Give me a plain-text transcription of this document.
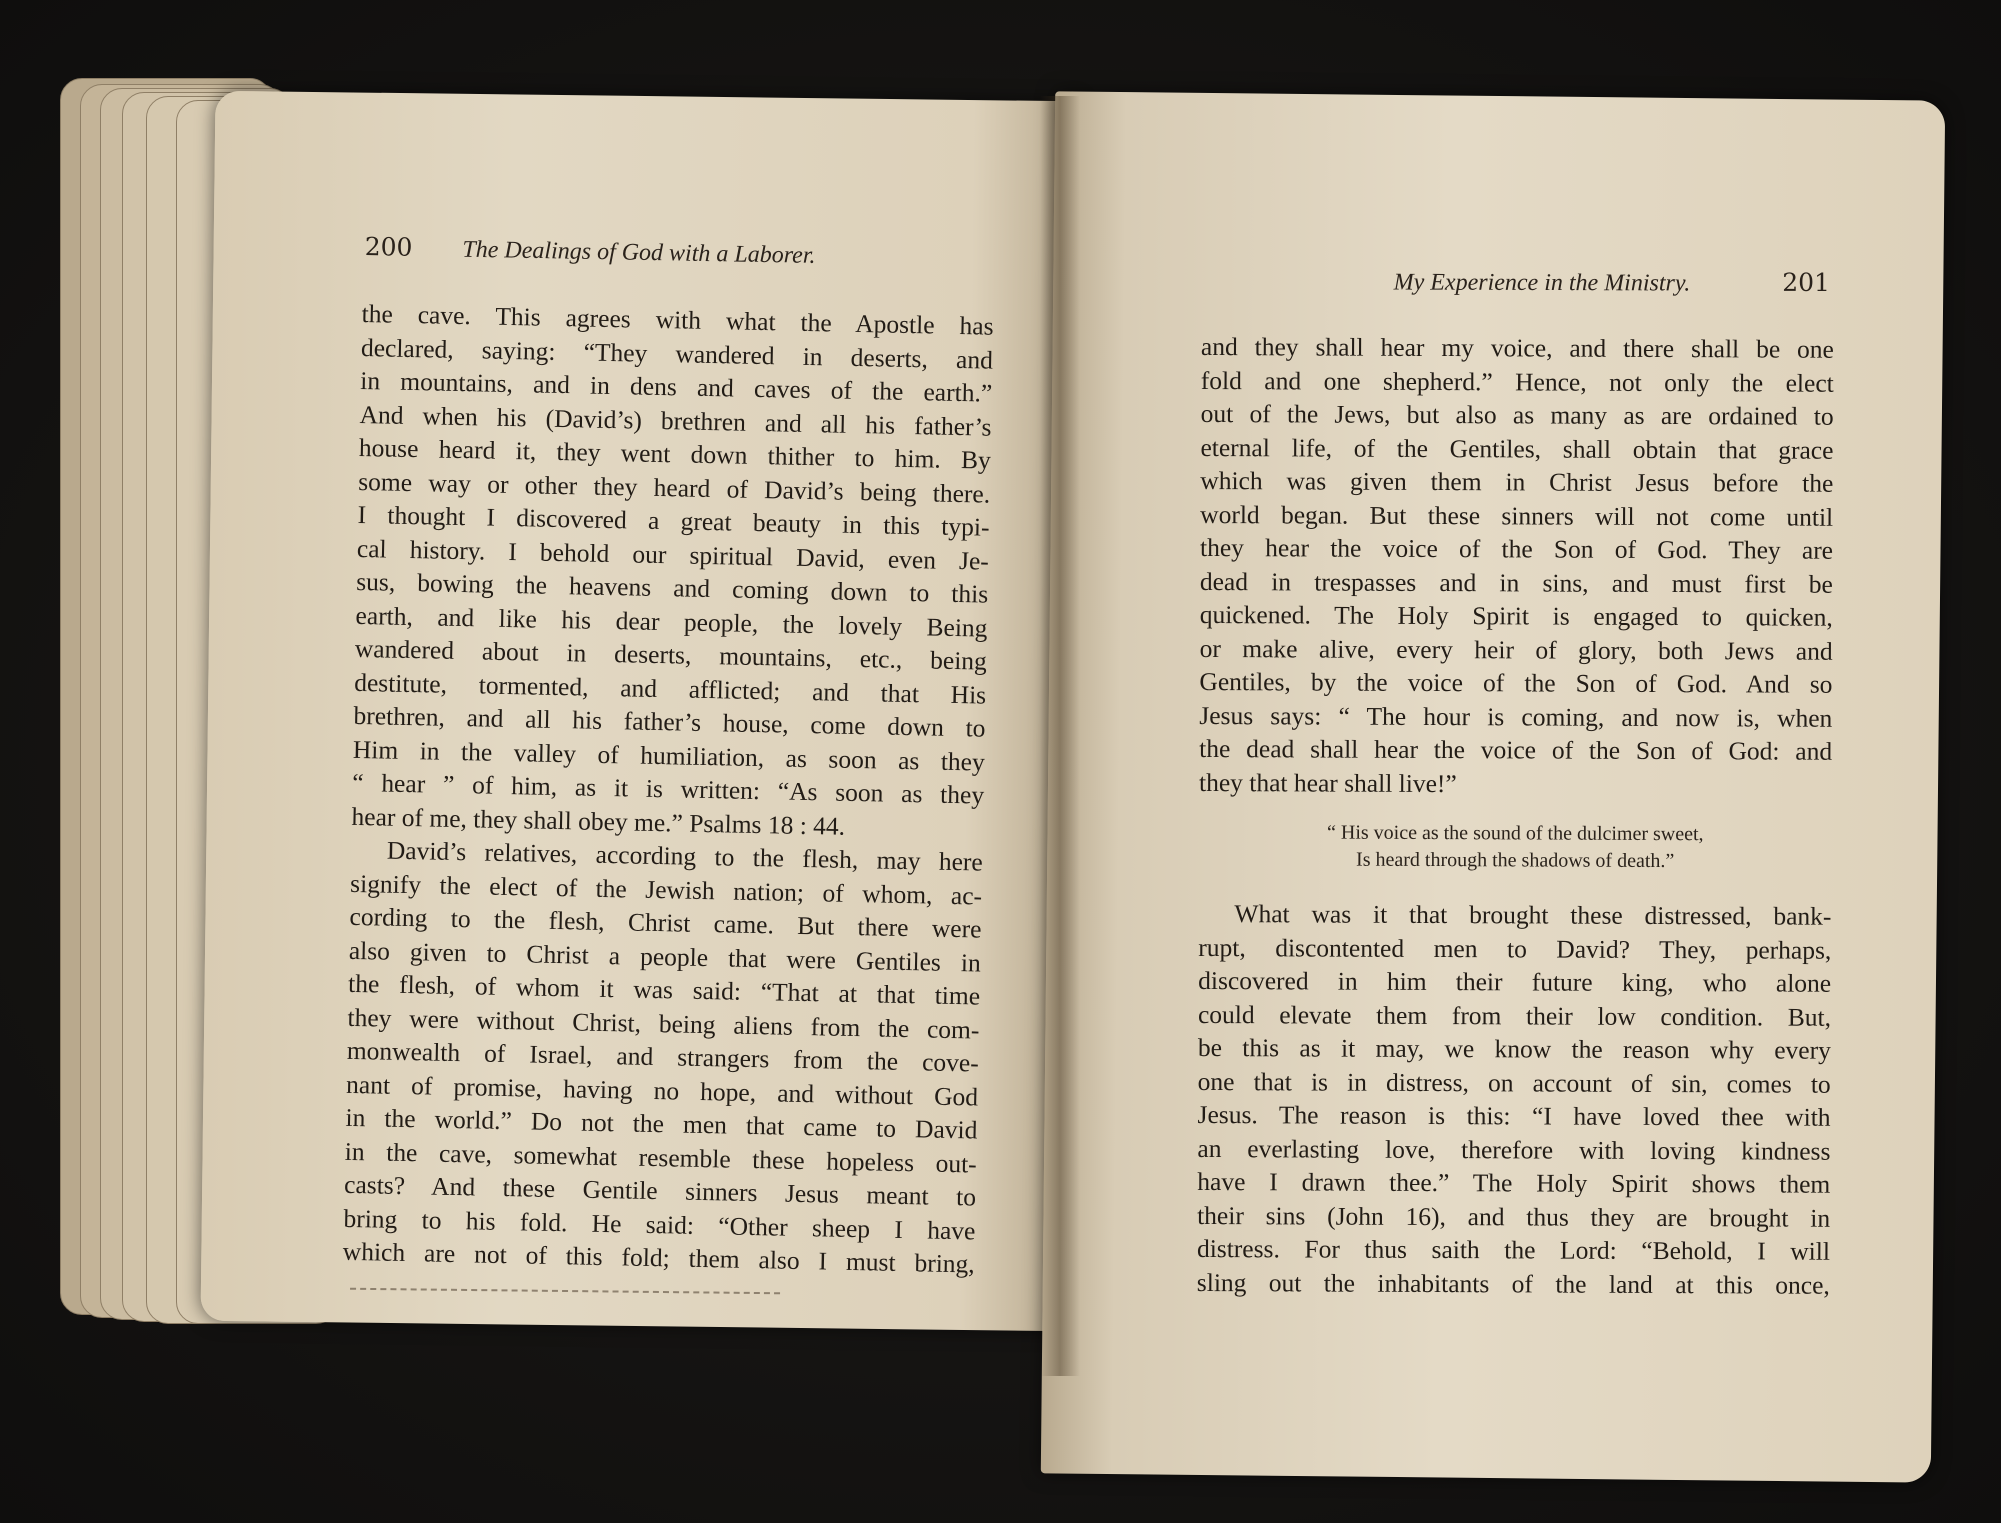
200 The Dealings of God with a Laborer.
My Experience in the Ministry.	201

the cave. This agrees with what the Apostle has

declared, saying: “They wandered in deserts, and

in mountains, and in dens and caves of the earth.”

And when his (David’s) brethren and all his father’s

house heard it, they went down thither to him. By

some way or other they heard of David’s being there.

I thought I discovered a great beauty in this typi-

cal history. I behold our spiritual David, even Je-

sus, bowing the heavens and coming down to this

earth, and like his dear people, the lovely Being

wandered about in deserts, mountains, etc., being

destitute, tormented, and afflicted; and that His

brethren, and all his father’s house, come down to

Him in the valley of humiliation, as soon as they

“ hear ” of him, as it is written: “As soon as they

hear of me, they shall obey me.” Psalms 18 : 44.

David’s relatives, according to the flesh, may here

signify the elect of the Jewish nation; of whom, ac-

cording to the flesh, Christ came. But there were

also given to Christ a people that were Gentiles in

the flesh, of whom it was said: “That at that time

they were without Christ, being aliens from the com-

monwealth of Israel, and strangers from the cove-

nant of promise, having no hope, and without God

in the world.” Do not the men that came to David

in the cave, somewhat resemble these hopeless out-

casts? And these Gentile sinners Jesus meant to

bring to his fold. He said: “Other sheep I have

which are not of this fold; them also I must bring,

and they shall hear my voice, and there shall be one

fold and one shepherd.” Hence, not only the elect

out of the Jews, but also as many as are ordained to

eternal life, of the Gentiles, shall obtain that grace

which was given them in Christ Jesus before the

world began. But these sinners will not come until

they hear the voice of the Son of God. They are

dead in trespasses and in sins, and must first be

quickened. The Holy Spirit is engaged to quicken,

or make alive, every heir of glory, both Jews and

Gentiles, by the voice of the Son of God. And so

Jesus says: “ The hour is coming, and now is, when

the dead shall hear the voice of the Son of God: and

they that hear shall live!”

“ His voice as the sound of the dulcimer sweet,
Is heard through the shadows of death.”

What was it that brought these distressed, bank-

rupt, discontented men to David? They, perhaps,

discovered in him their future king, who alone

could elevate them from their low condition. But,

be this as it may, we know the reason why every

one that is in distress, on account of sin, comes to

Jesus. The reason is this: “I have loved thee with

an everlasting love, therefore with loving kindness

have I drawn thee.” The Holy Spirit shows them

their sins (John 16), and thus they are brought in

distress. For thus saith the Lord: “Behold, I will

sling out the inhabitants of the land at this once,
